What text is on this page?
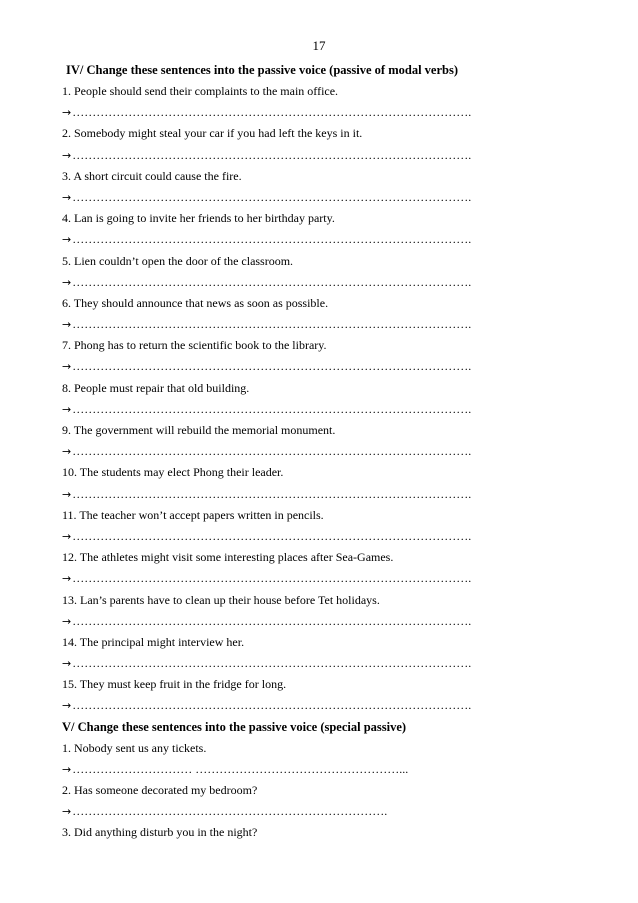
17
IV/ Change these sentences into the passive voice (passive of modal verbs)
1. People should send their complaints to the main office.
→……………………………………………………………………………………….
2. Somebody might steal your car if you had left the keys in it.
→……………………………………………………………………………………….
3. A short circuit could cause the fire.
→……………………………………………………………………………………….
4. Lan is going to invite her friends to her birthday party.
→……………………………………………………………………………………….
5. Lien couldn’t open the door of the classroom.
→……………………………………………………………………………………….
6. They should announce that news as soon as possible.
→……………………………………………………………………………………….
7. Phong has to return the scientific book to the library.
→……………………………………………………………………………………….
8. People must repair that old building.
→……………………………………………………………………………………….
9. The government will rebuild the memorial monument.
→……………………………………………………………………………………….
10. The students may elect Phong their leader.
→……………………………………………………………………………………….
11. The teacher won’t accept papers written in pencils.
→……………………………………………………………………………………….
12. The athletes might visit some interesting places after Sea-Games.
→……………………………………………………………………………………….
13. Lan’s parents have to clean up their house before Tet holidays.
→……………………………………………………………………………………….
14. The principal might interview her.
→……………………………………………………………………………………….
15. They must keep fruit in the fridge for long.
→……………………………………………………………………………………….
V/ Change these sentences into the passive voice (special passive)
1. Nobody sent us any tickets.
→………………………… ……………………………………………...
2. Has someone decorated my bedroom?
→…………………………………………………………………….
3. Did anything disturb you in the night?
